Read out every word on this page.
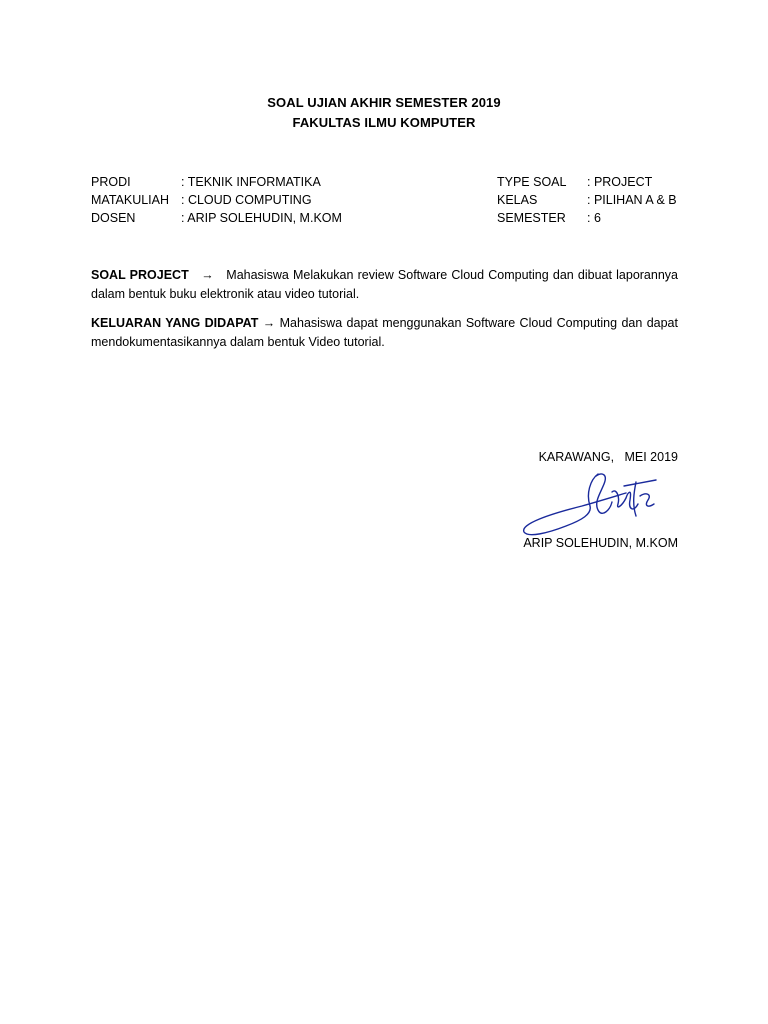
SOAL UJIAN AKHIR SEMESTER 2019
FAKULTAS ILMU KOMPUTER
PRODI	: TEKNIK INFORMATIKA
MATAKULIAH : CLOUD COMPUTING
DOSEN	: ARIP SOLEHUDIN, M.KOM
TYPE SOAL	: PROJECT
KELAS	: PILIHAN A & B
SEMESTER	: 6
SOAL PROJECT → Mahasiswa Melakukan review Software Cloud Computing dan dibuat laporannya dalam bentuk buku elektronik atau video tutorial.
KELUARAN YANG DIDAPAT → Mahasiswa dapat menggunakan Software Cloud Computing dan dapat mendokumentasikannya dalam bentuk Video tutorial.
KARAWANG,   MEI 2019
ARIP SOLEHUDIN, M.KOM
